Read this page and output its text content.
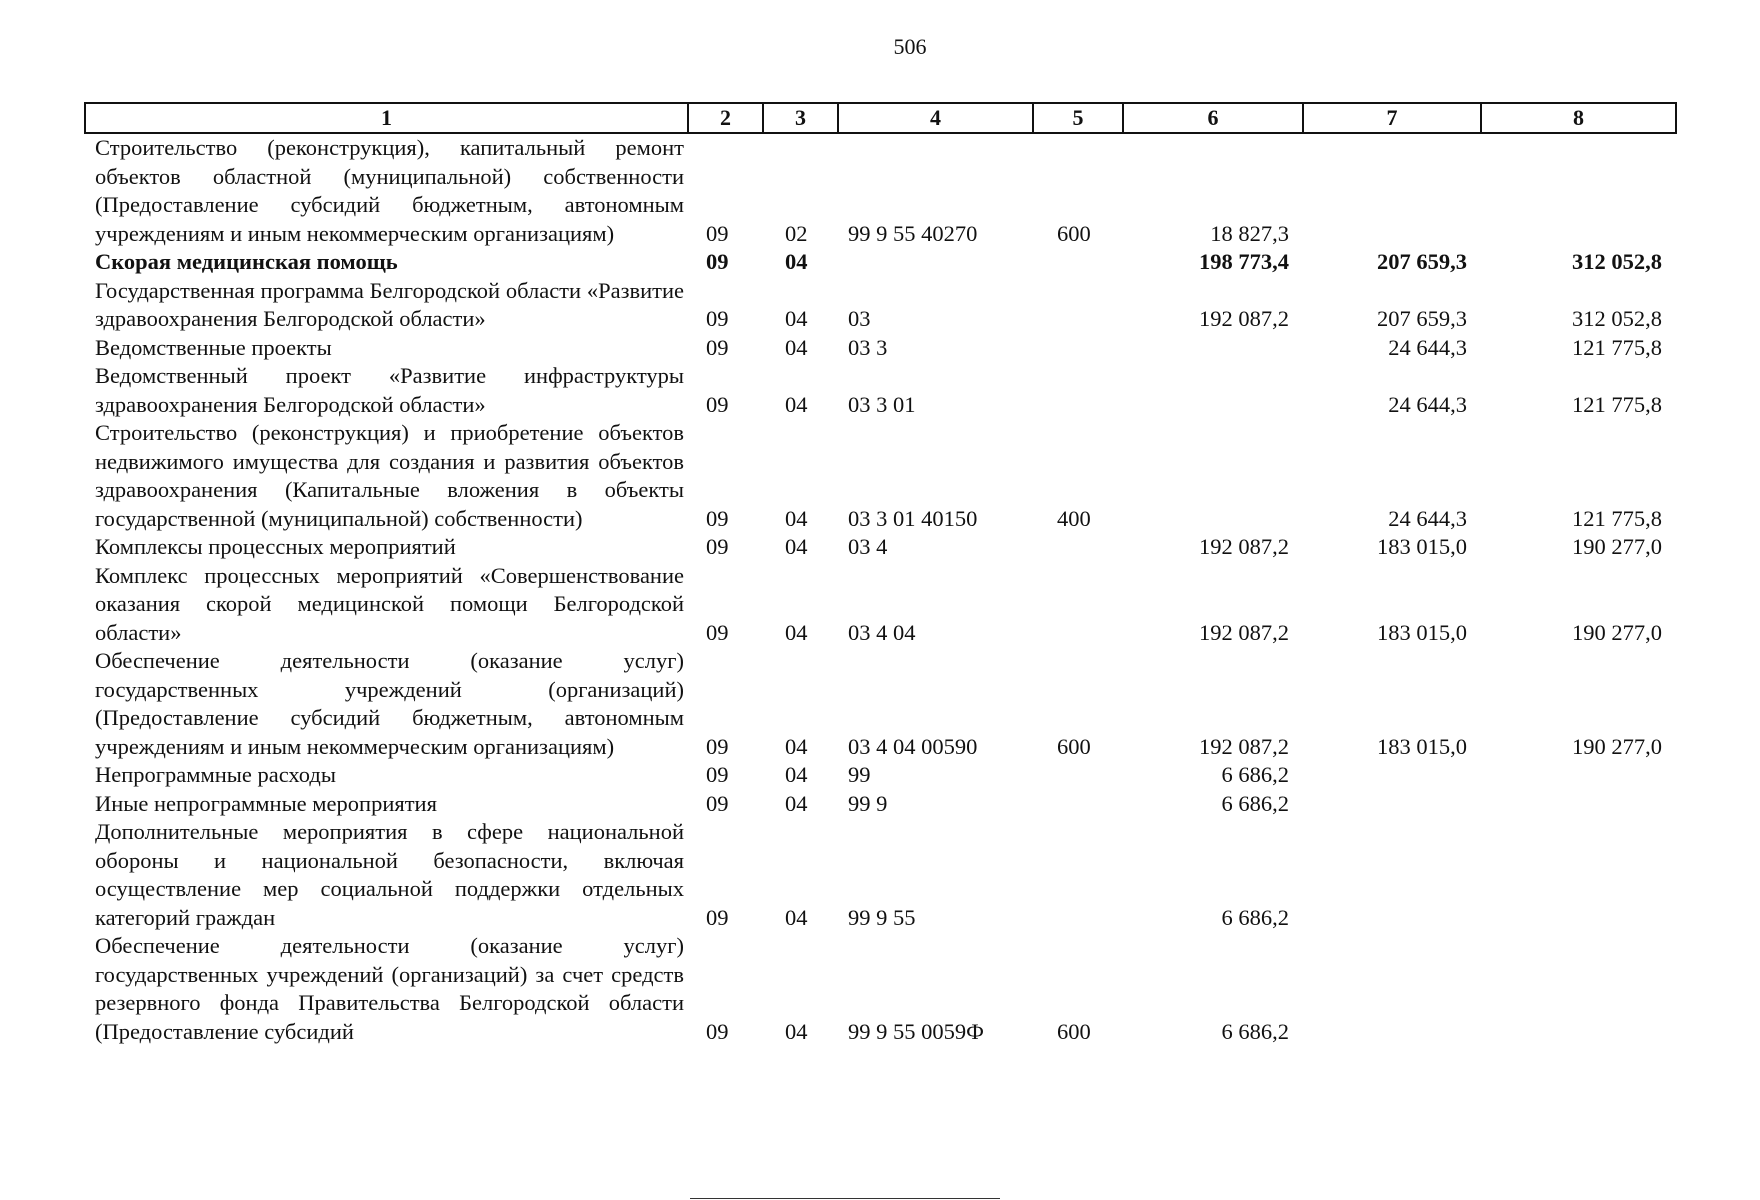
506
1	2	3	4	5	6	7	8
Строительство (реконструкция), капитальный ремонт объектов областной (муниципальной) собственности (Предоставление субсидий бюджетным, автономным учреждениям и иным некоммерческим организациям)	09	02	99 9 55 40270	600	18 827,3		
Скорая медицинская помощь	09	04			198 773,4	207 659,3	312 052,8
Государственная программа Белгородской области «Развитие здравоохранения Белгородской области»	09	04	03		192 087,2	207 659,3	312 052,8
Ведомственные проекты	09	04	03 3			24 644,3	121 775,8
Ведомственный проект «Развитие инфраструктуры здравоохранения Белгородской области»	09	04	03 3 01			24 644,3	121 775,8
Строительство (реконструкция) и приобретение объектов недвижимого имущества для создания и развития объектов здравоохранения (Капитальные вложения в объекты государственной (муниципальной) собственности)	09	04	03 3 01 40150	400		24 644,3	121 775,8
Комплексы процессных мероприятий	09	04	03 4		192 087,2	183 015,0	190 277,0
Комплекс процессных мероприятий «Совершенствование оказания скорой медицинской помощи Белгородской области»	09	04	03 4 04		192 087,2	183 015,0	190 277,0
Обеспечение деятельности (оказание услуг) государственных учреждений (организаций) (Предоставление субсидий бюджетным, автономным учреждениям и иным некоммерческим организациям)	09	04	03 4 04 00590	600	192 087,2	183 015,0	190 277,0
Непрограммные расходы	09	04	99		6 686,2		
Иные непрограммные мероприятия	09	04	99 9		6 686,2		
Дополнительные мероприятия в сфере национальной обороны и национальной безопасности, включая осуществление мер социальной поддержки отдельных категорий граждан	09	04	99 9 55		6 686,2		
Обеспечение деятельности (оказание услуг) государственных учреждений (организаций) за счет средств резервного фонда Правительства Белгородской области (Предоставление субсидий	09	04	99 9 55 0059Ф	600	6 686,2		
